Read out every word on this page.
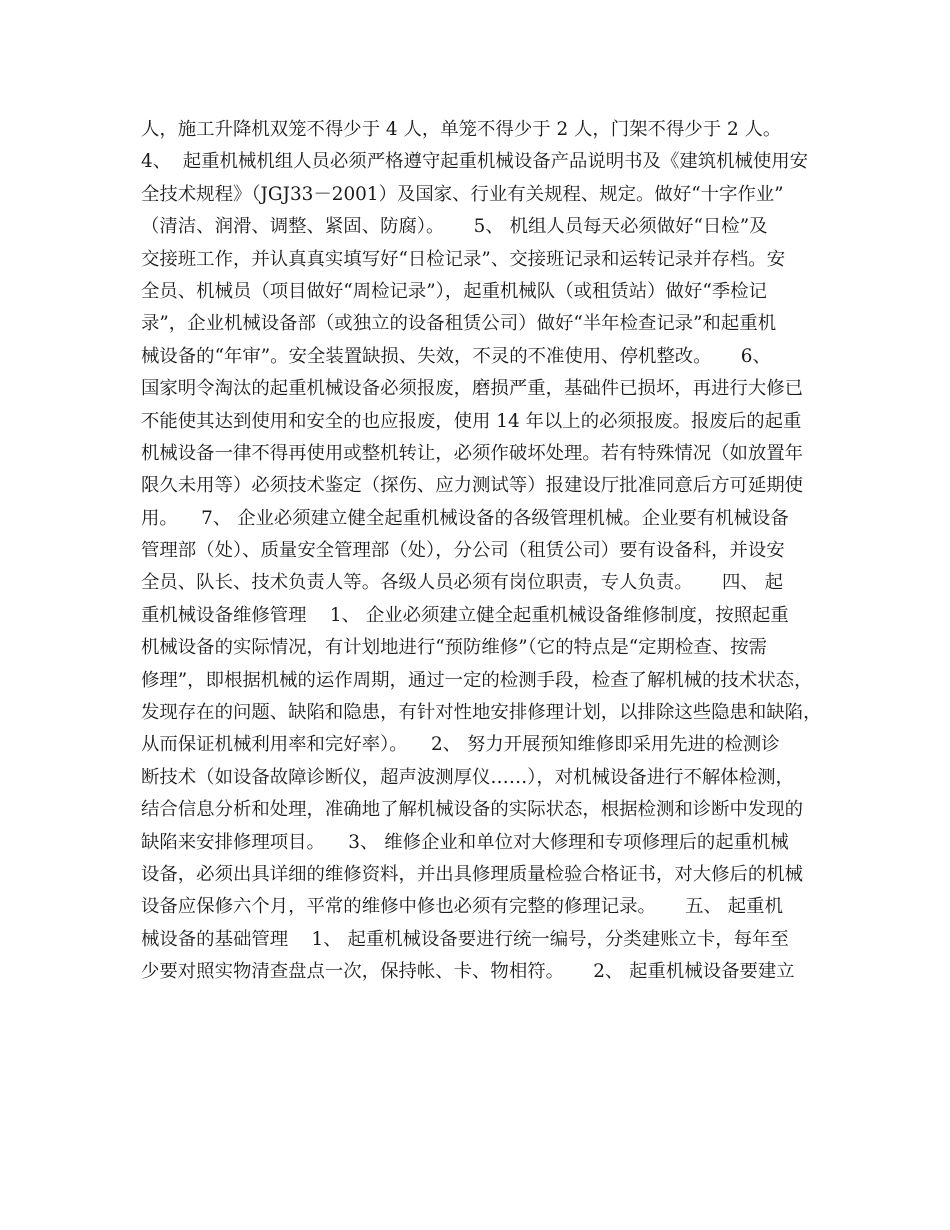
人，施工升降机双笼不得少于 4 人，单笼不得少于 2 人，门架不得少于 2 人。
4、  起重机械机组人员必须严格遵守起重机械设备产品说明书及《建筑机械使用安
全技术规程》（JGJ33－2001）及国家、行业有关规程、规定。做好“十字作业”
（清洁、润滑、调整、紧固、防腐）。     5、 机组人员每天必须做好“日检”及
交接班工作，并认真真实填写好“日检记录”、交接班记录和运转记录并存档。安
全员、机械员（项目做好“周检记录”），起重机械队（或租赁站）做好“季检记
录”，企业机械设备部（或独立的设备租赁公司）做好“半年检查记录”和起重机
械设备的“年审”。安全装置缺损、失效，不灵的不准使用、停机整改。     6、
国家明令淘汰的起重机械设备必须报废，磨损严重，基础件已损坏，再进行大修已
不能使其达到使用和安全的也应报废，使用 14 年以上的必须报废。报废后的起重
机械设备一律不得再使用或整机转让，必须作破坏处理。若有特殊情况（如放置年
限久未用等）必须技术鉴定（探伤、应力测试等）报建设厅批准同意后方可延期使
用。    7、 企业必须建立健全起重机械设备的各级管理机械。企业要有机械设备
管理部（处）、质量安全管理部（处），分公司（租赁公司）要有设备科，并设安
全员、队长、技术负责人等。各级人员必须有岗位职责，专人负责。     四、 起
重机械设备维修管理    1、 企业必须建立健全起重机械设备维修制度，按照起重
机械设备的实际情况，有计划地进行“预防维修”（它的特点是“定期检查、按需
修理”，即根据机械的运作周期，通过一定的检测手段，检查了解机械的技术状态，
发现存在的问题、缺陷和隐患，有针对性地安排修理计划，以排除这些隐患和缺陷，
从而保证机械利用率和完好率）。    2、 努力开展预知维修即采用先进的检测诊
断技术（如设备故障诊断仪，超声波测厚仪……），对机械设备进行不解体检测，
结合信息分析和处理，准确地了解机械设备的实际状态，根据检测和诊断中发现的
缺陷来安排修理项目。    3、 维修企业和单位对大修理和专项修理后的起重机械
设备，必须出具详细的维修资料，并出具修理质量检验合格证书，对大修后的机械
设备应保修六个月，平常的维修中修也必须有完整的修理记录。     五、 起重机
械设备的基础管理    1、 起重机械设备要进行统一编号，分类建账立卡，每年至
少要对照实物清查盘点一次，保持帐、卡、物相符。     2、 起重机械设备要建立
